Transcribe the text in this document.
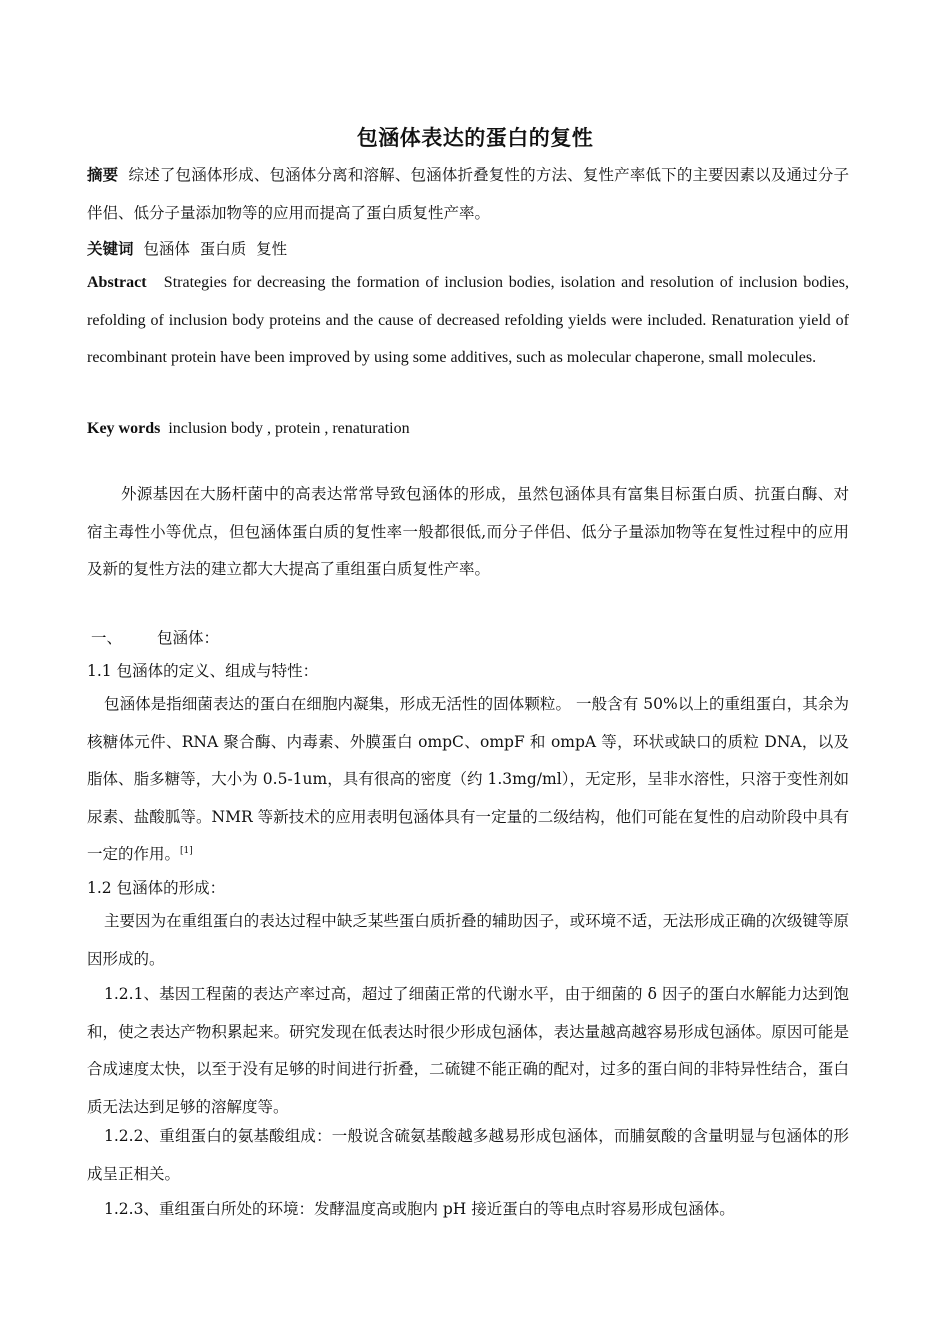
包涵体表达的蛋白的复性
摘要 综述了包涵体形成、包涵体分离和溶解、包涵体折叠复性的方法、复性产率低下的主要因素以及通过分子伴侣、低分子量添加物等的应用而提高了蛋白质复性产率。
关键词 包涵体 蛋白质 复性
Abstract Strategies for decreasing the formation of inclusion bodies, isolation and resolution of inclusion bodies, refolding of inclusion body proteins and the cause of decreased refolding yields were included. Renaturation yield of recombinant protein have been improved by using some additives, such as molecular chaperone, small molecules.
Key words inclusion body , protein , renaturation
外源基因在大肠杆菌中的高表达常常导致包涵体的形成，虽然包涵体具有富集目标蛋白质、抗蛋白酶、对宿主毒性小等优点，但包涵体蛋白质的复性率一般都很低,而分子伴侣、低分子量添加物等在复性过程中的应用及新的复性方法的建立都大大提高了重组蛋白质复性产率。
一、 包涵体：
1.1 包涵体的定义、组成与特性：
包涵体是指细菌表达的蛋白在细胞内凝集，形成无活性的固体颗粒。 一般含有 50%以上的重组蛋白，其余为核糖体元件、RNA 聚合酶、内毒素、外膜蛋白 ompC、ompF 和 ompA 等，环状或缺口的质粒 DNA，以及脂体、脂多糖等，大小为 0.5-1um，具有很高的密度（约 1.3mg/ml），无定形，呈非水溶性，只溶于变性剂如尿素、盐酸胍等。NMR 等新技术的应用表明包涵体具有一定量的二级结构，他们可能在复性的启动阶段中具有一定的作用。[1]
1.2 包涵体的形成：
主要因为在重组蛋白的表达过程中缺乏某些蛋白质折叠的辅助因子，或环境不适，无法形成正确的次级键等原因形成的。
1.2.1、基因工程菌的表达产率过高，超过了细菌正常的代谢水平，由于细菌的 δ 因子的蛋白水解能力达到饱和，使之表达产物积累起来。研究发现在低表达时很少形成包涵体，表达量越高越容易形成包涵体。原因可能是合成速度太快，以至于没有足够的时间进行折叠，二硫键不能正确的配对，过多的蛋白间的非特异性结合，蛋白质无法达到足够的溶解度等。
1.2.2、重组蛋白的氨基酸组成：一般说含硫氨基酸越多越易形成包涵体，而脯氨酸的含量明显与包涵体的形成呈正相关。
1.2.3、重组蛋白所处的环境：发酵温度高或胞内 pH 接近蛋白的等电点时容易形成包涵体。
